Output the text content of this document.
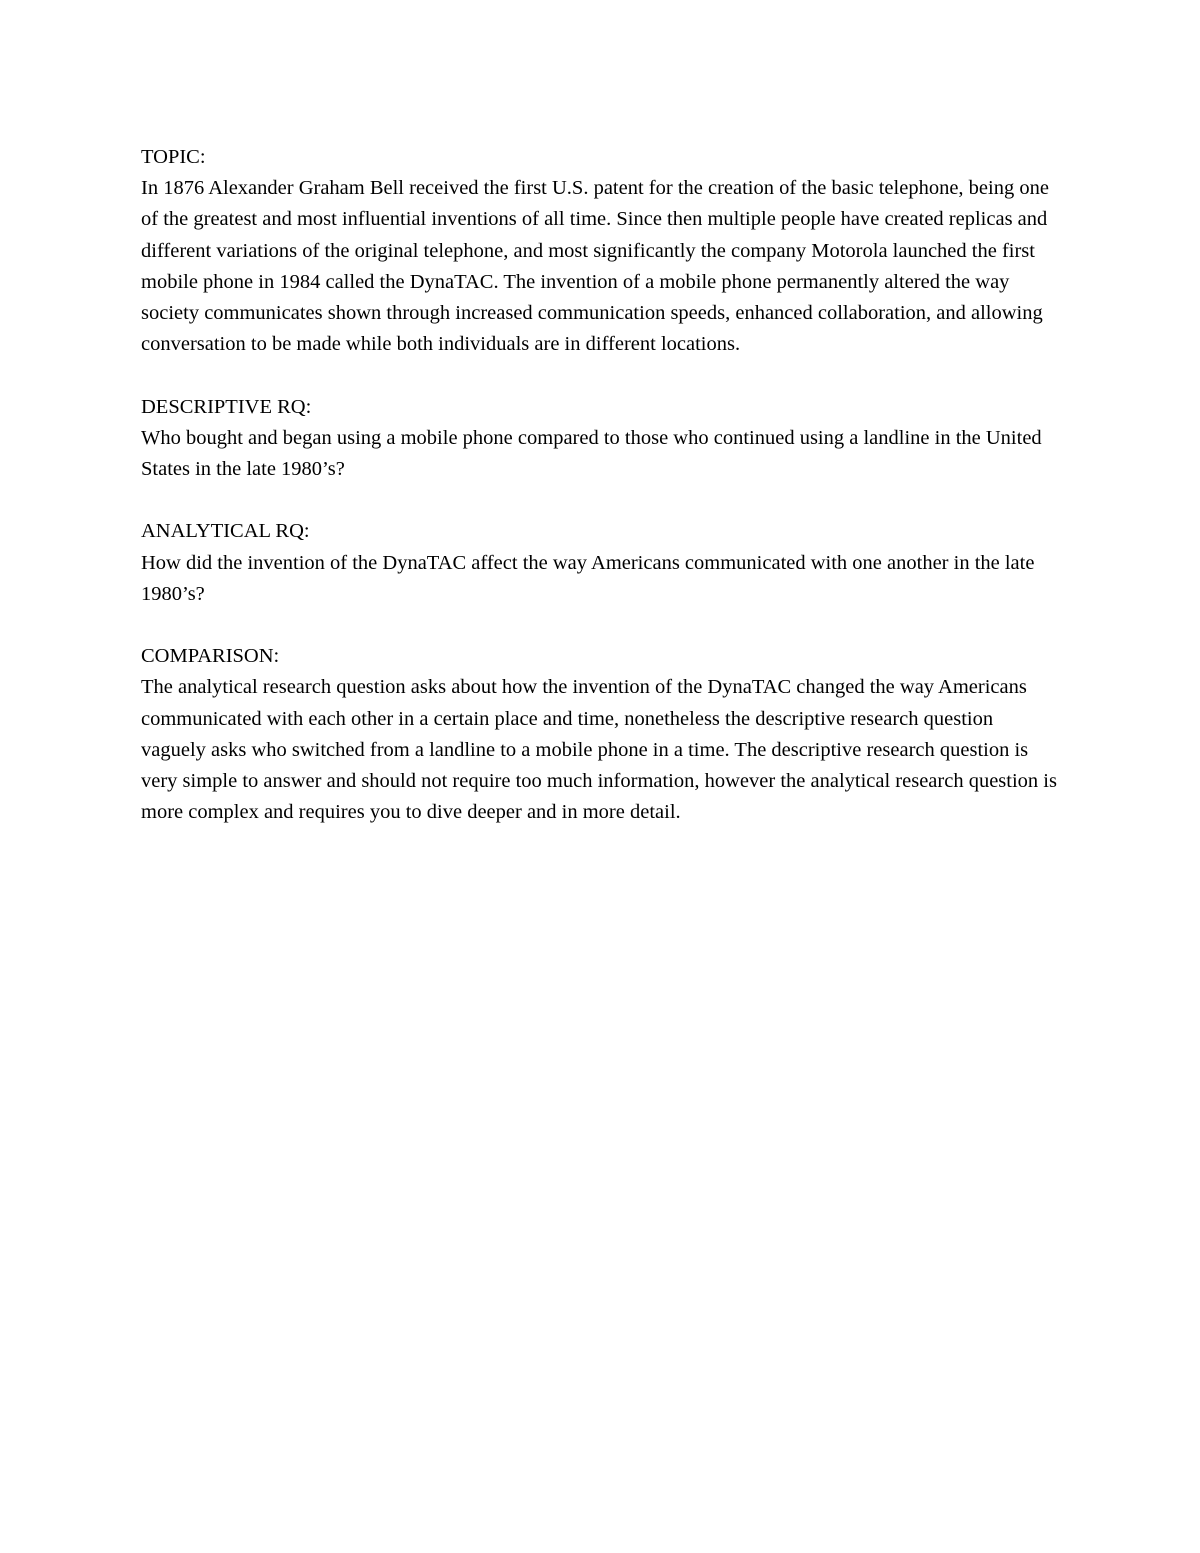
TOPIC:

In 1876 Alexander Graham Bell received the first U.S. patent for the creation of the basic telephone, being one of the greatest and most influential inventions of all time. Since then multiple people have created replicas and different variations of the original telephone, and most significantly the company Motorola launched the first mobile phone in 1984 called the DynaTAC. The invention of a mobile phone permanently altered the way society communicates shown through increased communication speeds, enhanced collaboration, and allowing conversation to be made while both individuals are in different locations.

DESCRIPTIVE RQ:

Who bought and began using a mobile phone compared to those who continued using a landline in the United States in the late 1980’s?

ANALYTICAL RQ:

How did the invention of the DynaTAC affect the way Americans communicated with one another in the late 1980’s?

COMPARISON:

The analytical research question asks about how the invention of the DynaTAC changed the way Americans communicated with each other in a certain place and time, nonetheless the descriptive research question vaguely asks who switched from a landline to a mobile phone in a time. The descriptive research question is very simple to answer and should not require too much information, however the analytical research question is more complex and requires you to dive deeper and in more detail.
